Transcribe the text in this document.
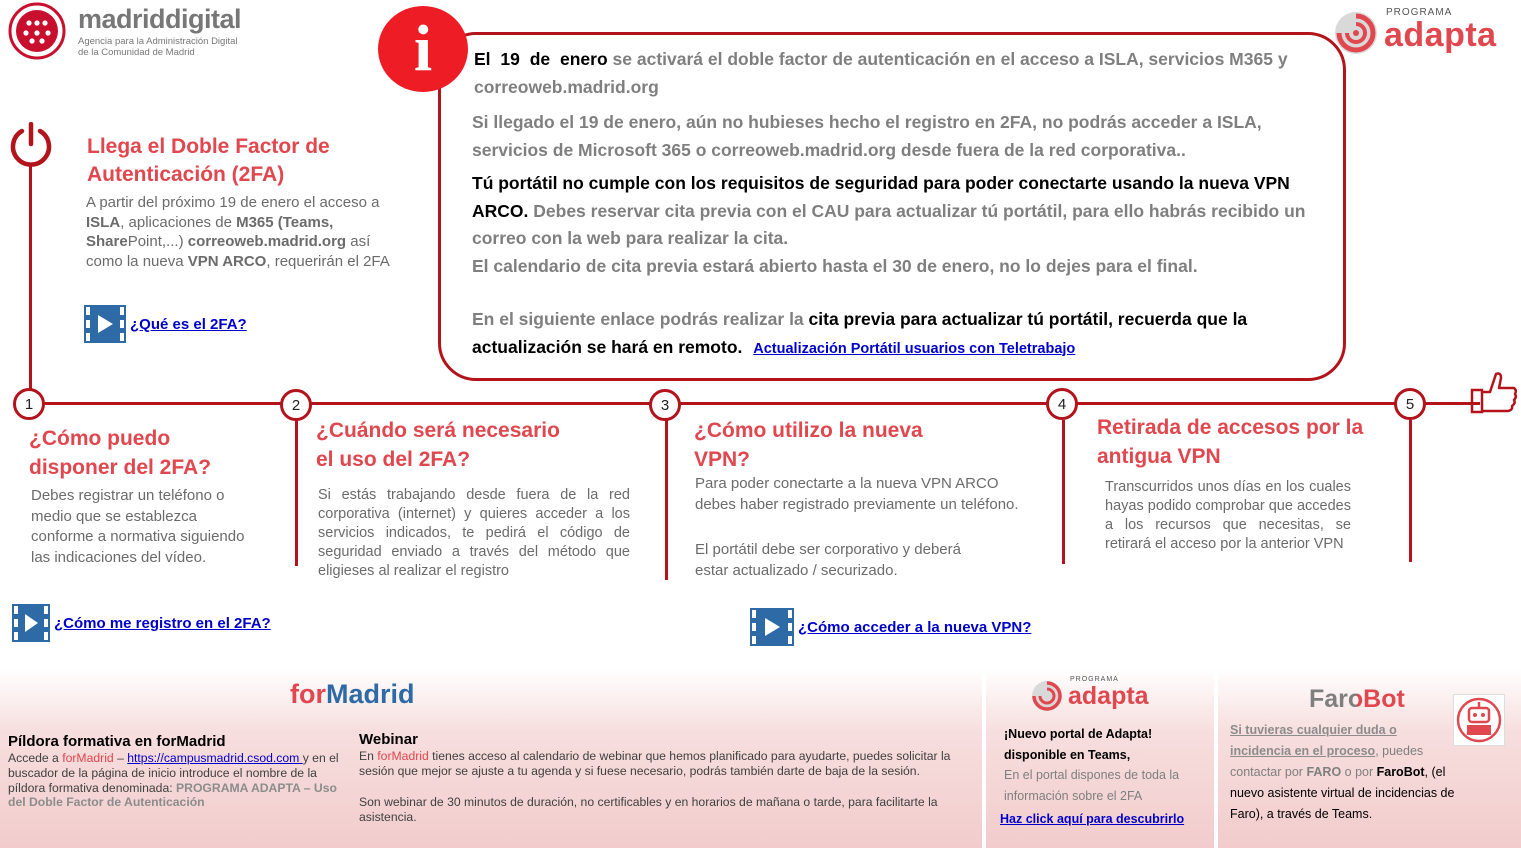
madriddigital
Agencia para la Administración Digital
de la Comunidad de Madrid
PROGRAMA
adapta
i	El 19 de enero se activará el doble factor de autenticación en el acceso a ISLA, servicios M365 y correoweb.madrid.org
Si llegado el 19 de enero, aún no hubieses hecho el registro en 2FA, no podrás acceder a ISLA, servicios de Microsoft 365 o correoweb.madrid.org desde fuera de la red corporativa..
Tú portátil no cumple con los requisitos de seguridad para poder conectarte usando la nueva VPN ARCO. Debes reservar cita previa con el CAU para actualizar tú portátil, para ello habrás recibido un correo con la web para realizar la cita.
El calendario de cita previa estará abierto hasta el 30 de enero, no lo dejes para el final.
En el siguiente enlace podrás realizar la cita previa para actualizar tú portátil, recuerda que la actualización se hará en remoto. Actualización Portátil usuarios con Teletrabajo
Llega el Doble Factor de Autenticación (2FA)
A partir del próximo 19 de enero el acceso a ISLA, aplicaciones de M365 (Teams, SharePoint,...) correoweb.madrid.org así como la nueva VPN ARCO, requerirán el 2FA
¿Qué es el 2FA?
1	2	3	4	5
¿Cómo puedo disponer del 2FA?
Debes registrar un teléfono o medio que se establezca conforme a normativa siguiendo las indicaciones del vídeo.
¿Cómo me registro en el 2FA?
¿Cuándo será necesario el uso del 2FA?
Si estás trabajando desde fuera de la red corporativa (internet) y quieres acceder a los servicios indicados, te pedirá el código de seguridad enviado a través del método que eligieses al realizar el registro
¿Cómo utilizo la nueva VPN?
Para poder conectarte a la nueva VPN ARCO debes haber registrado previamente un teléfono.
El portátil debe ser corporativo y deberá estar actualizado / securizado.
¿Cómo acceder a la nueva VPN?
Retirada de accesos por la antigua VPN
Transcurridos unos días en los cuales hayas podido comprobar que accedes a los recursos que necesitas, se retirará el acceso por la anterior VPN
forMadrid
Píldora formativa en forMadrid
Accede a forMadrid – https://campusmadrid.csod.com y en el buscador de la página de inicio introduce el nombre de la píldora formativa denominada: PROGRAMA ADAPTA – Uso del Doble Factor de Autenticación
Webinar
En forMadrid tienes acceso al calendario de webinar que hemos planificado para ayudarte, puedes solicitar la sesión que mejor se ajuste a tu agenda y si fuese necesario, podrás también darte de baja de la sesión.
Son webinar de 30 minutos de duración, no certificables y en horarios de mañana o tarde, para facilitarte la asistencia.
PROGRAMA
adapta
¡Nuevo portal de Adapta! disponible en Teams,
En el portal dispones de toda la información sobre el 2FA
Haz click aquí para descubrirlo
FaroBot
Si tuvieras cualquier duda o incidencia en el proceso, puedes contactar por FARO o por FaroBot, (el nuevo asistente virtual de incidencias de Faro), a través de Teams.
